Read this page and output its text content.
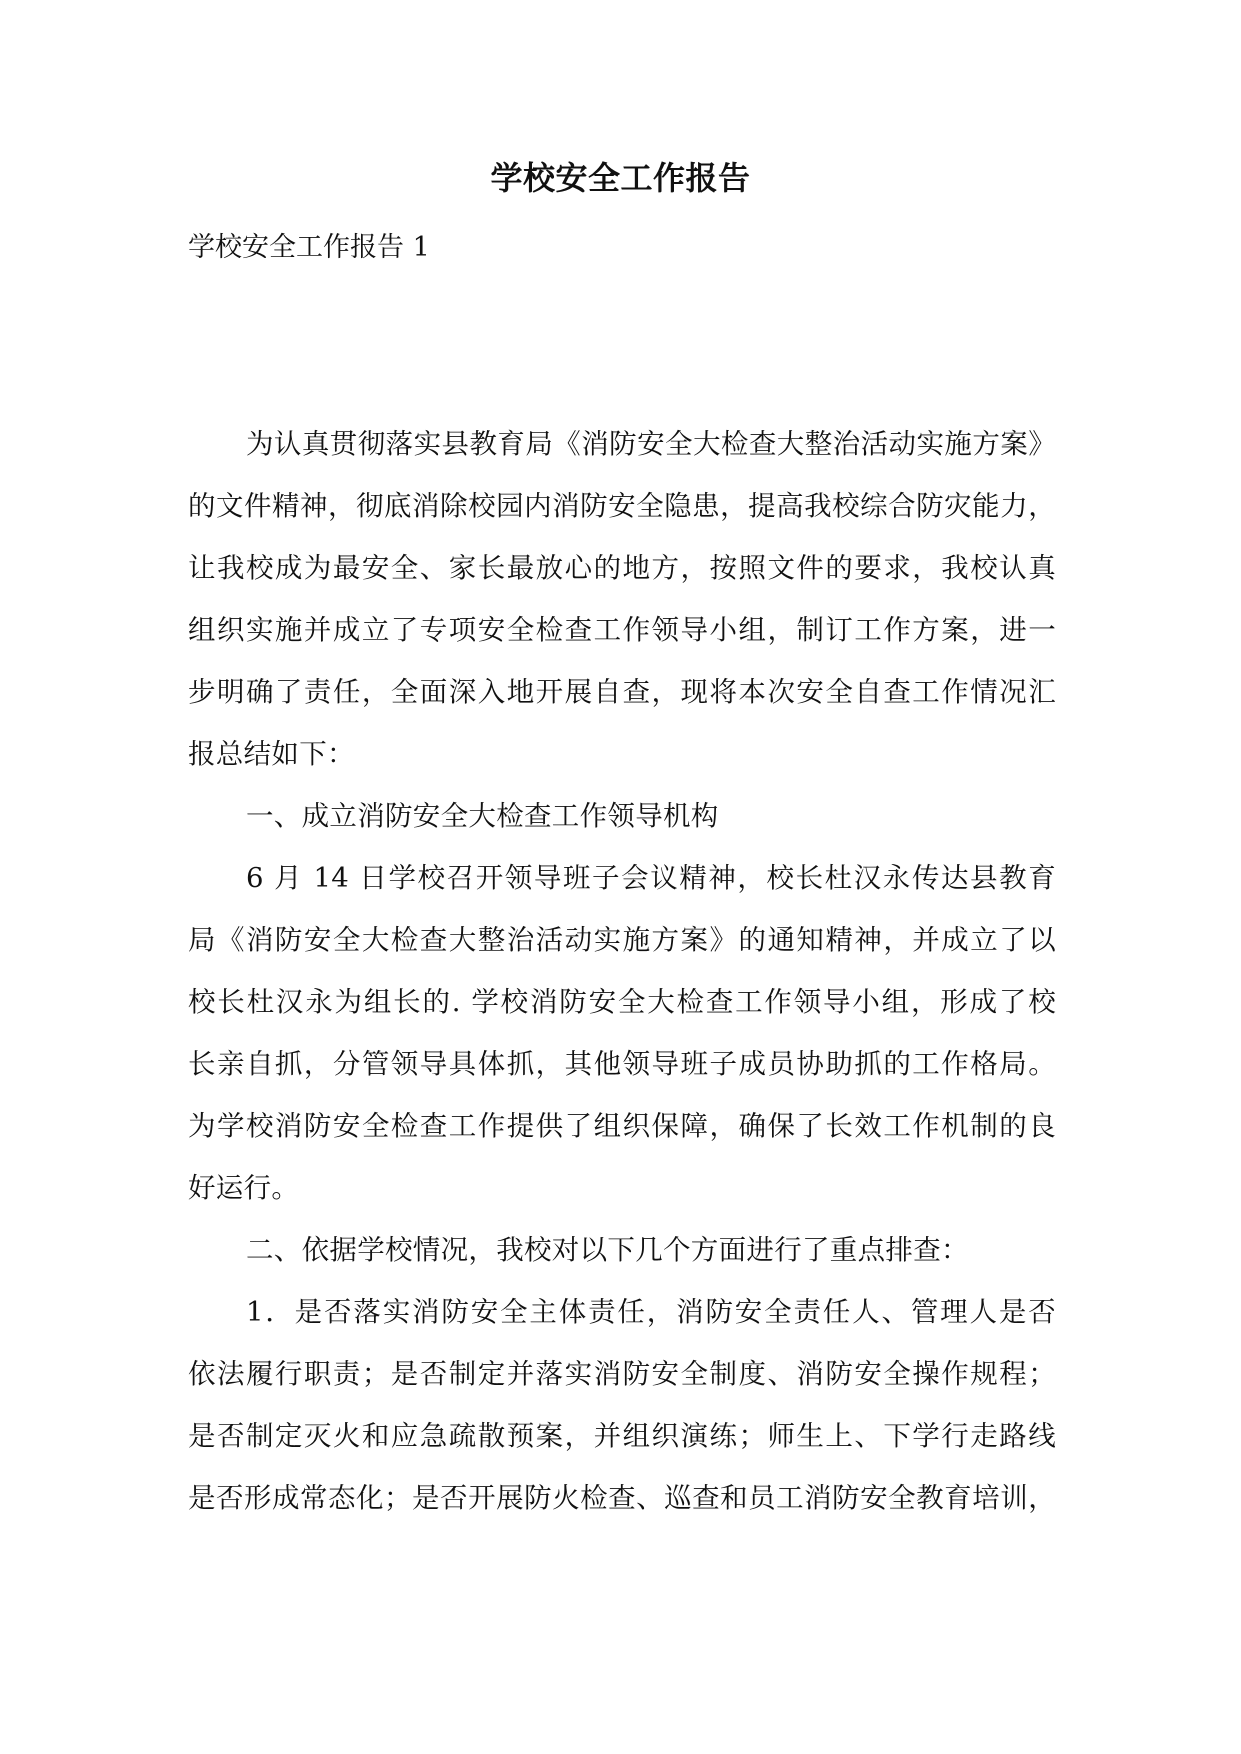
学校安全工作报告

学校安全工作报告 1

为认真贯彻落实县教育局《消防安全大检查大整治活动实施方案》
的文件精神，彻底消除校园内消防安全隐患，提高我校综合防灾能力，
让我校成为最安全、家长最放心的地方，按照文件的要求，我校认真
组织实施并成立了专项安全检查工作领导小组，制订工作方案，进一
步明确了责任，全面深入地开展自查，现将本次安全自查工作情况汇
报总结如下：
一、成立消防安全大检查工作领导机构
6 月 14 日学校召开领导班子会议精神，校长杜汉永传达县教育
局《消防安全大检查大整治活动实施方案》的通知精神，并成立了以
校长杜汉永为组长的. 学校消防安全大检查工作领导小组，形成了校
长亲自抓，分管领导具体抓，其他领导班子成员协助抓的工作格局。
为学校消防安全检查工作提供了组织保障，确保了长效工作机制的良
好运行。
二、依据学校情况，我校对以下几个方面进行了重点排查：
1．是否落实消防安全主体责任，消防安全责任人、管理人是否
依法履行职责；是否制定并落实消防安全制度、消防安全操作规程；
是否制定灭火和应急疏散预案，并组织演练；师生上、下学行走路线
是否形成常态化；是否开展防火检查、巡查和员工消防安全教育培训，
